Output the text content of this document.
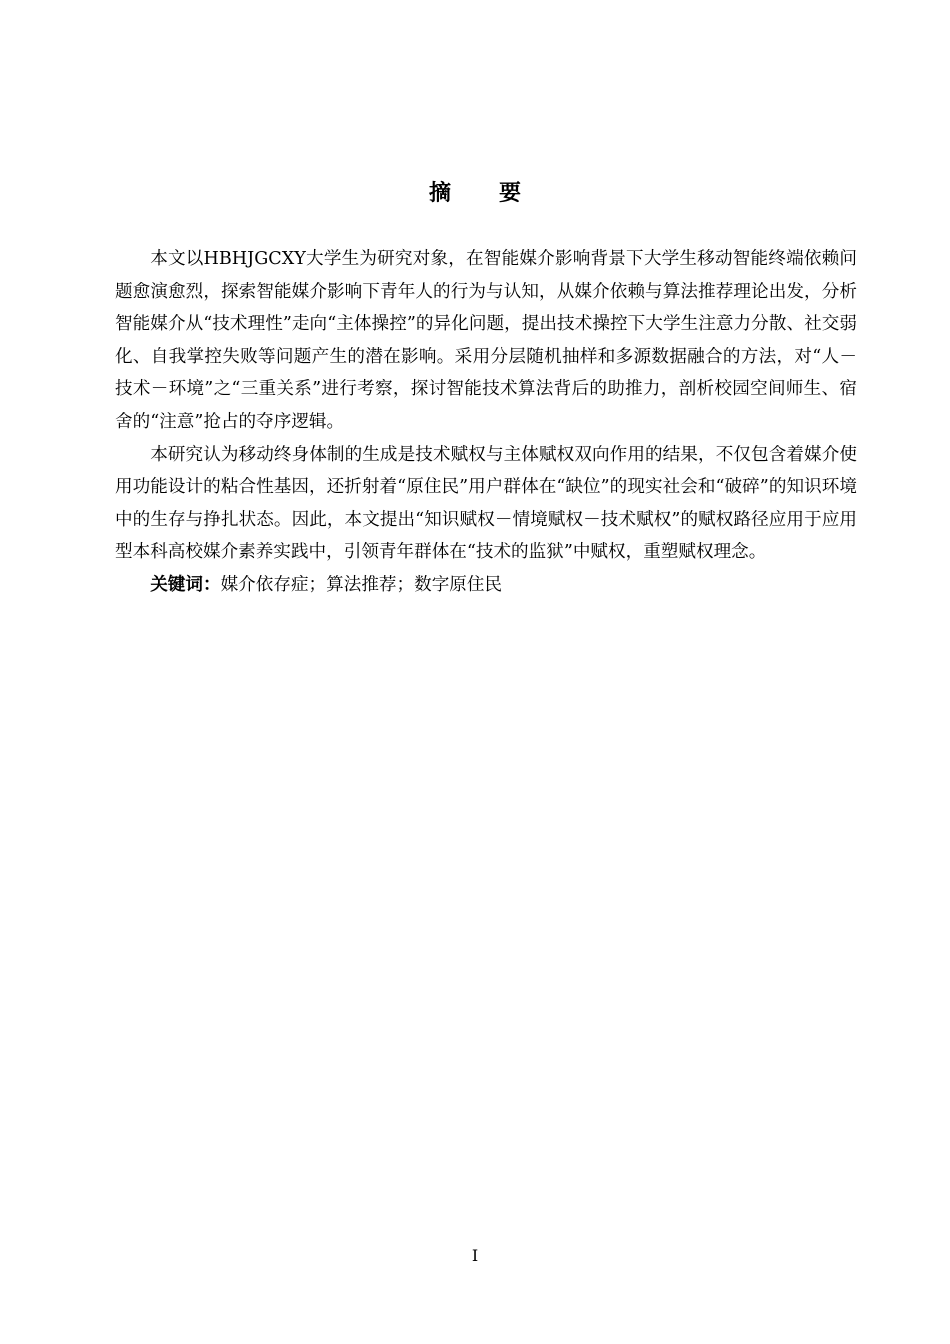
摘要

本文以HBHJGCXY大学生为研究对象，在智能媒介影响背景下大学生移动智能终端依赖问题愈演愈烈，探索智能媒介影响下青年人的行为与认知，从媒介依赖与算法推荐理论出发，分析智能媒介从“技术理性”走向“主体操控”的异化问题，提出技术操控下大学生注意力分散、社交弱化、自我掌控失败等问题产生的潜在影响。采用分层随机抽样和多源数据融合的方法，对“人－技术－环境”之“三重关系”进行考察，探讨智能技术算法背后的助推力，剖析校园空间师生、宿舍的“注意”抢占的夺序逻辑。

本研究认为移动终身体制的生成是技术赋权与主体赋权双向作用的结果，不仅包含着媒介使用功能设计的粘合性基因，还折射着“原住民”用户群体在“缺位”的现实社会和“破碎”的知识环境中的生存与挣扎状态。因此，本文提出“知识赋权－情境赋权－技术赋权”的赋权路径应用于应用型本科高校媒介素养实践中，引领青年群体在“技术的监狱”中赋权，重塑赋权理念。

关键词：媒介依存症；算法推荐；数字原住民

I
